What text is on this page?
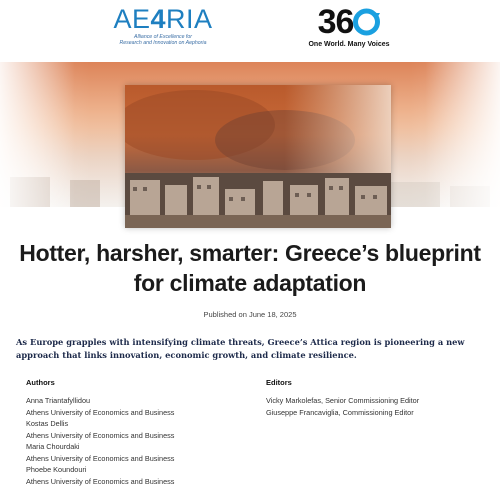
AE4RIA
Alliance of Excellence for
Research and Innovation on Aephoria
36
One World. Many Voices
Hotter, harsher, smarter: Greece’s blueprint for climate adaptation
Published on June 18, 2025

As Europe grapples with intensifying climate threats, Greece’s Attica region is pioneering a new approach that links innovation, economic growth, and climate resilience.

Authors
Anna Triantafyllidou
Athens University of Economics and Business
Kostas Dellis
Athens University of Economics and Business
Maria Chourdaki
Athens University of Economics and Business
Phoebe Koundouri
Athens University of Economics and Business
Editors
Vicky Markolefas, Senior Commissioning Editor
Giuseppe Francaviglia, Commissioning Editor
